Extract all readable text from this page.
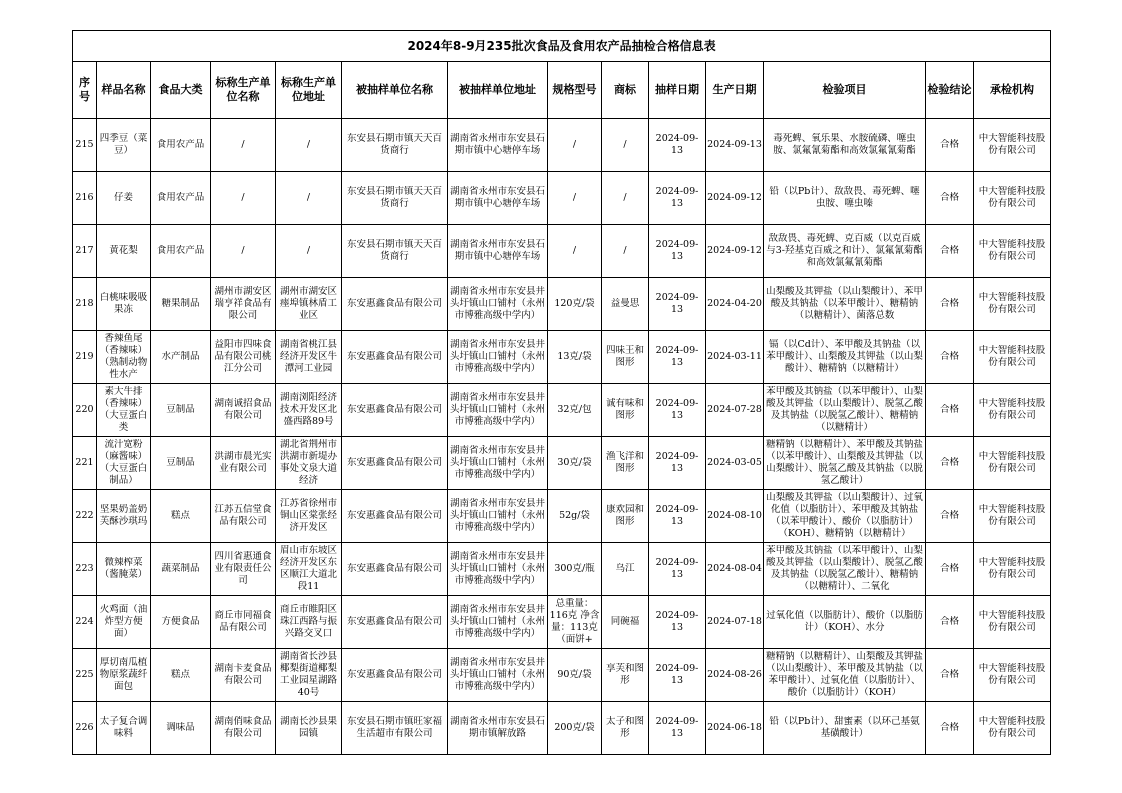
2024年8-9月235批次食品及食用农产品抽检合格信息表													
序号	样品名称	食品大类	标称生产单位名称	标称生产单位地址	被抽样单位名称	被抽样单位地址	规格型号	商标	抽样日期	生产日期	检验项目	检验结论	承检机构

215	四季豆（菜豆）	食用农产品	/	/	东安县石期市镇天天百货商行	湖南省永州市东安县石期市镇中心塘停车场	/	/	2024-09-13	2024-09-13	毒死蜱、氧乐果、水胺硫磷、噻虫胺、氯氟氰菊酯和高效氯氟氰菊酯	合格	中大智能科技股份有限公司

216	仔姜	食用农产品	/	/	东安县石期市镇天天百货商行	湖南省永州市东安县石期市镇中心塘停车场	/	/	2024-09-13	2024-09-12	铅（以Pb计）、敌敌畏、毒死蜱、噻虫胺、噻虫嗪	合格	中大智能科技股份有限公司

217	黄花梨	食用农产品	/	/	东安县石期市镇天天百货商行	湖南省永州市东安县石期市镇中心塘停车场	/	/	2024-09-13	2024-09-12	敌敌畏、毒死蜱、克百威（以克百威与3-羟基克百威之和计）、氯氟氰菊酯和高效氯氟氰菊酯	合格	中大智能科技股份有限公司

218	白桃味吸吸果冻	糖果制品	湖州市湖安区瑞亨祥食品有限公司	湖州市湖安区瘗埠镇林盾工业区	东安惠鑫食品有限公司	湖南省永州市东安县井头圩镇山口铺村（永州市博雅高级中学内）	120克/袋	益曼思	2024-09-13	2024-04-20	山梨酸及其钾盐（以山梨酸计）、苯甲酸及其钠盐（以苯甲酸计）、糖精钠（以糖精计）、菌落总数	合格	中大智能科技股份有限公司

219	香辣鱼尾（香辣味）（熟制动物性水产	水产制品	益阳市四味食品有限公司桃江分公司	湖南省桃江县经济开发区牛潭河工业园	东安惠鑫食品有限公司	湖南省永州市东安县井头圩镇山口铺村（永州市博雅高级中学内）	13克/袋	四味王和图形	2024-09-13	2024-03-11	镉（以Cd计）、苯甲酸及其钠盐（以苯甲酸计）、山梨酸及其钾盐（以山梨酸计）、糖精钠（以糖精计）	合格	中大智能科技股份有限公司

220	素大牛排（香辣味）（大豆蛋白类	豆制品	湖南诚招食品有限公司	湖南浏阳经济技术开发区北盛西路89号	东安惠鑫食品有限公司	湖南省永州市东安县井头圩镇山口铺村（永州市博雅高级中学内）	32克/包	诚有味和图形	2024-09-13	2024-07-28	苯甲酸及其钠盐（以苯甲酸计）、山梨酸及其钾盐（以山梨酸计）、脱氢乙酸及其钠盐（以脱氢乙酸计）、糖精钠（以糖精计）	合格	中大智能科技股份有限公司

221	流汁宽粉（麻酱味）（大豆蛋白制品）	豆制品	洪湖市晨光实业有限公司	湖北省荆州市洪湖市新堤办事处文泉大道经济	东安惠鑫食品有限公司	湖南省永州市东安县井头圩镇山口铺村（永州市博雅高级中学内）	30克/袋	渔飞洋和图形	2024-09-13	2024-03-05	糖精钠（以糖精计）、苯甲酸及其钠盐（以苯甲酸计）、山梨酸及其钾盐（以山梨酸计）、脱氢乙酸及其钠盐（以脱氢乙酸计）	合格	中大智能科技股份有限公司

222	坚果奶盖奶芙酥沙琪玛	糕点	江苏五信堂食品有限公司	江苏省徐州市铜山区棠张经济开发区	东安惠鑫食品有限公司	湖南省永州市东安县井头圩镇山口铺村（永州市博雅高级中学内）	52g/袋	康欢园和图形	2024-09-13	2024-08-10	山梨酸及其钾盐（以山梨酸计）、过氧化值（以脂肪计）、苯甲酸及其钠盐（以苯甲酸计）、酸价（以脂肪计）（KOH）、糖精钠（以糖精计）	合格	中大智能科技股份有限公司

223	微辣榨菜（酱腌菜）	蔬菜制品	四川省惠通食业有限责任公司	眉山市东坡区经济开发区东区顺江大道北段11	东安惠鑫食品有限公司	湖南省永州市东安县井头圩镇山口铺村（永州市博雅高级中学内）	300克/瓶	乌江	2024-09-13	2024-08-04	苯甲酸及其钠盐（以苯甲酸计）、山梨酸及其钾盐（以山梨酸计）、脱氢乙酸及其钠盐（以脱氢乙酸计）、糖精钠（以糖精计）、二氧化	合格	中大智能科技股份有限公司

224	火鸡面（油炸型方便面）	方便食品	商丘市同福食品有限公司	商丘市睢阳区珠江西路与振兴路交叉口	东安惠鑫食品有限公司	湖南省永州市东安县井头圩镇山口铺村（永州市博雅高级中学内）	总重量：116克 净含量：113克（面饼+	同碗福	2024-09-13	2024-07-18	过氧化值（以脂肪计）、酸价（以脂肪计）（KOH）、水分	合格	中大智能科技股份有限公司

225	厚切南瓜植物原浆蔬纤面包	糕点	湖南卡麦食品有限公司	湖南省长沙县椰梨街道椰梨工业园星湖路40号	东安惠鑫食品有限公司	湖南省永州市东安县井头圩镇山口铺村（永州市博雅高级中学内）	90克/袋	享芙和图形	2024-09-13	2024-08-26	糖精钠（以糖精计）、山梨酸及其钾盐（以山梨酸计）、苯甲酸及其钠盐（以苯甲酸计）、过氧化值（以脂肪计）、酸价（以脂肪计）（KOH）	合格	中大智能科技股份有限公司

226	太子复合调味料	调味品	湖南俏味食品有限公司	湖南长沙县果园镇	东安县石期市镇旺家福生活超市有限公司	湖南省永州市东安县石期市镇解放路	200克/袋	太子和图形	2024-09-13	2024-06-18	铅（以Pb计）、甜蜜素（以环己基氨基磺酸计）	合格	中大智能科技股份有限公司
